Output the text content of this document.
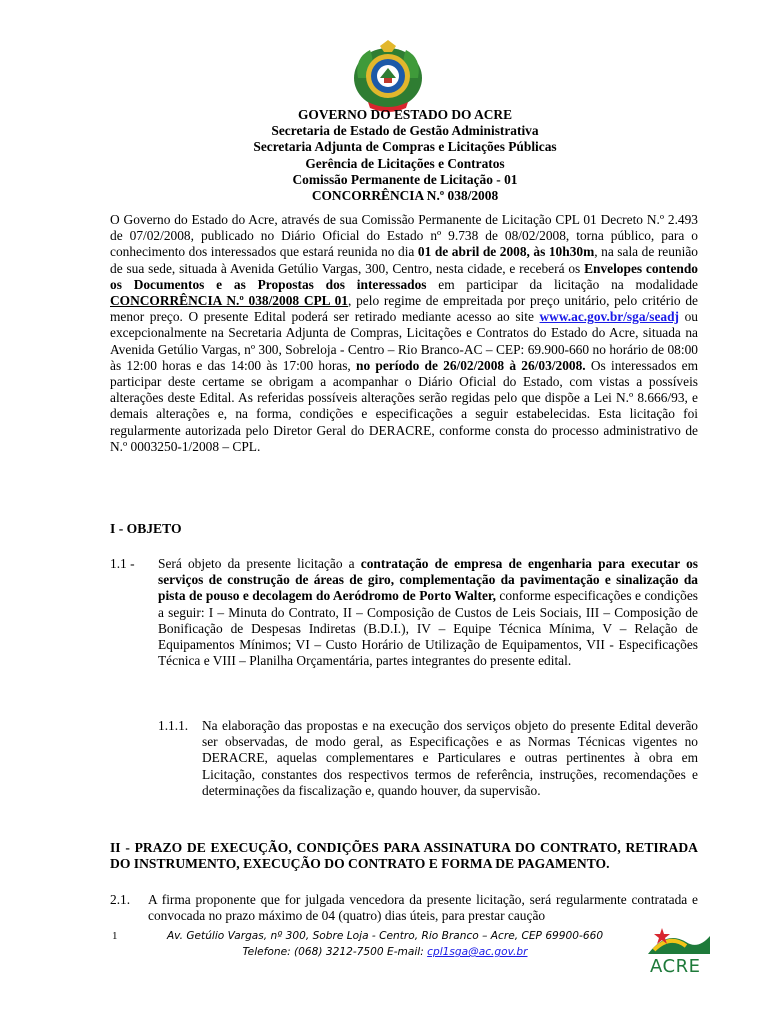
GOVERNO DO ESTADO DO ACRE
Secretaria de Estado de Gestão Administrativa
Secretaria Adjunta de Compras e Licitações Públicas
Gerência de Licitações e Contratos
Comissão Permanente de Licitação - 01
CONCORRÊNCIA N.º 038/2008
O Governo do Estado do Acre, através de sua Comissão Permanente de Licitação CPL 01 Decreto N.º 2.493 de 07/02/2008, publicado no Diário Oficial do Estado nº 9.738 de 08/02/2008, torna público, para o conhecimento dos interessados que estará reunida no dia 01 de abril de 2008, às 10h30m, na sala de reunião de sua sede, situada à Avenida Getúlio Vargas, 300, Centro, nesta cidade, e receberá os Envelopes contendo os Documentos e as Propostas dos interessados em participar da licitação na modalidade CONCORRÊNCIA N.º 038/2008 CPL 01, pelo regime de empreitada por preço unitário, pelo critério de menor preço. O presente Edital poderá ser retirado mediante acesso ao site www.ac.gov.br/sga/seadj ou excepcionalmente na Secretaria Adjunta de Compras, Licitações e Contratos do Estado do Acre, situada na Avenida Getúlio Vargas, nº 300, Sobreloja - Centro – Rio Branco-AC – CEP: 69.900-660 no horário de 08:00 às 12:00 horas e das 14:00 às 17:00 horas, no período de 26/02/2008 à 26/03/2008. Os interessados em participar deste certame se obrigam a acompanhar o Diário Oficial do Estado, com vistas a possíveis alterações deste Edital. As referidas possíveis alterações serão regidas pelo que dispõe a Lei N.º 8.666/93, e demais alterações e, na forma, condições e especificações a seguir estabelecidas. Esta licitação foi regularmente autorizada pelo Diretor Geral do DERACRE, conforme consta do processo administrativo de N.º 0003250-1/2008 – CPL.
I - OBJETO
1.1 - Será objeto da presente licitação a contratação de empresa de engenharia para executar os serviços de construção de áreas de giro, complementação da pavimentação e sinalização da pista de pouso e decolagem do Aeródromo de Porto Walter, conforme especificações e condições a seguir: I – Minuta do Contrato, II – Composição de Custos de Leis Sociais, III – Composição de Bonificação de Despesas Indiretas (B.D.I.), IV – Equipe Técnica Mínima, V – Relação de Equipamentos Mínimos; VI – Custo Horário de Utilização de Equipamentos, VII - Especificações Técnica e VIII – Planilha Orçamentária, partes integrantes do presente edital.
1.1.1. Na elaboração das propostas e na execução dos serviços objeto do presente Edital deverão ser observadas, de modo geral, as Especificações e as Normas Técnicas vigentes no DERACRE, aquelas complementares e Particulares e outras pertinentes à obra em Licitação, constantes dos respectivos termos de referência, instruções, recomendações e determinações da fiscalização e, quando houver, da supervisão.
II - PRAZO DE EXECUÇÃO, CONDIÇÕES PARA ASSINATURA DO CONTRATO, RETIRADA DO INSTRUMENTO, EXECUÇÃO DO CONTRATO E FORMA DE PAGAMENTO.
2.1. A firma proponente que for julgada vencedora da presente licitação, será regularmente contratada e convocada no prazo máximo de 04 (quatro) dias úteis, para prestar caução
1	Av. Getúlio Vargas, nº 300, Sobre Loja - Centro, Rio Branco – Acre, CEP 69900-660
Telefone: (068) 3212-7500 E-mail: cpl1sga@ac.gov.br
ACRE
